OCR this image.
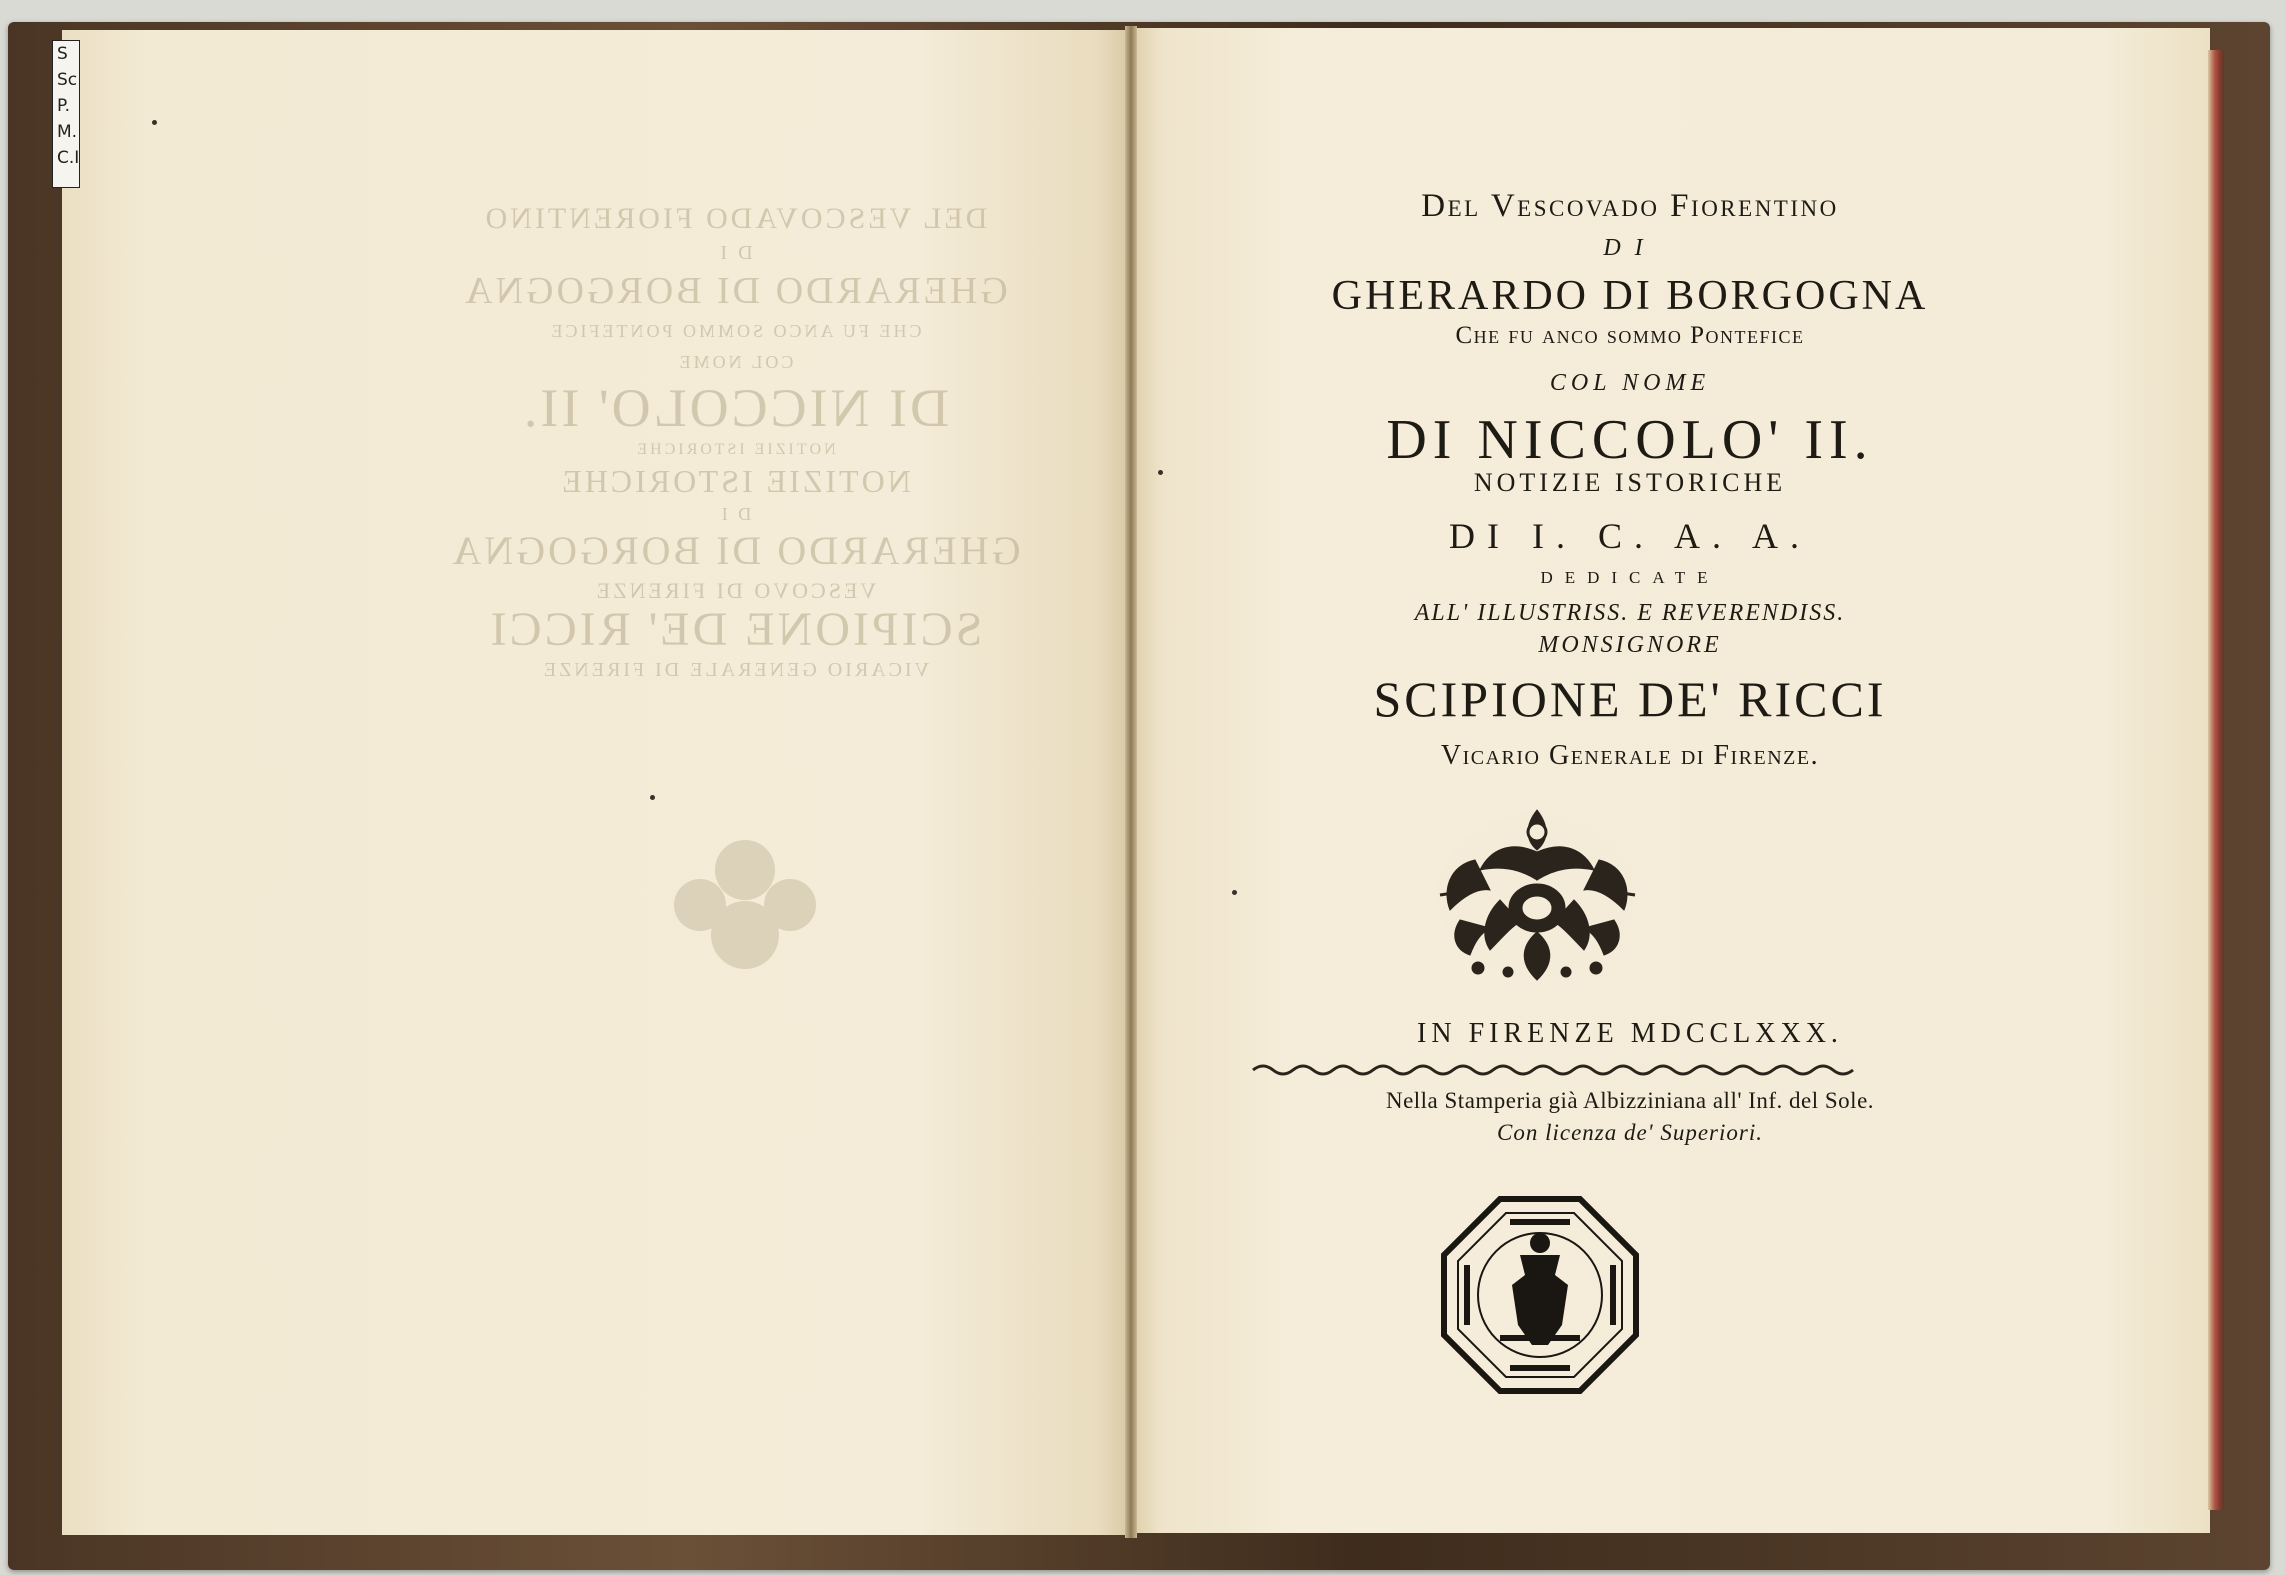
S
Sc
P.
M.
C.I
DEL VESCOVADO FIORENTINO
D I
GHERARDO DI BORGOGNA
CHE FU ANCO SOMMO PONTEFICE
COL NOME
DI NICCOLO' II.
NOTIZIE ISTORICHE
NOTIZIE ISTORICHE
D I
GHERARDO DI BORGOGNA
VESCOVO DI FIRENZE
SCIPIONE DE' RICCI
VICARIO GENERALE DI FIRENZE
Del Vescovado Fiorentino
DI
GHERARDO DI BORGOGNA
Che fu anco sommo Pontefice
COL NOME
DI NICCOLO' II.
NOTIZIE ISTORICHE
DI I. C. A. A.
DEDICATE
ALL' ILLUSTRISS. E REVERENDISS.
MONSIGNORE
SCIPIONE DE' RICCI
Vicario Generale di Firenze.
IN FIRENZE MDCCLXXX.
Nella Stamperia già Albizziniana all' Inf. del Sole.
Con licenza de' Superiori.
